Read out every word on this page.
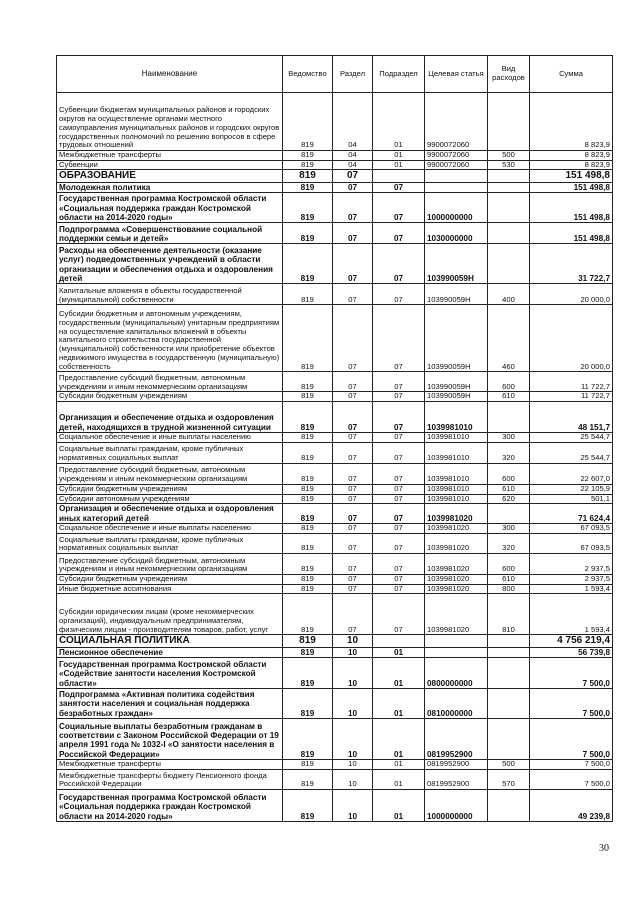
Наименование	Ведомство	Раздел	Подраздел	Целевая статья	Вид расходов	Сумма
Субвенции бюджетам муниципальных районов и городских округов на осуществление органами местного самоуправления муниципальных районов и городских округов государственных полномочий по решению вопросов в сфере трудовых отношений	819	04	01	9900072060		8 823,9
Межбюджетные трансферты	819	04	01	9900072060	500	8 823,9
Субвенции	819	04	01	9900072060	530	8 823,9
ОБРАЗОВАНИЕ	819	07				151 498,8
Молодежная политика	819	07	07			151 498,8
Государственная программа Костромской области «Социальная поддержка граждан Костромской области на 2014-2020 годы»	819	07	07	1000000000		151 498,8
Подпрограмма «Совершенствование социальной поддержки семьи и детей»	819	07	07	1030000000		151 498,8
Расходы на обеспечение деятельности (оказание услуг) подведомственных учреждений в области организации и обеспечения отдыха и оздоровления детей	819	07	07	103990059Н		31 722,7
Капитальные вложения в объекты государственной (муниципальной) собственности	819	07	07	103990059Н	400	20 000,0
Субсидии бюджетным и автономным учреждениям, государственным (муниципальным) унитарным предприятиям на осуществление капитальных вложений в объекты капитального строительства государственной (муниципальной) собственности или приобретение объектов недвижимого имущества в государственную (муниципальную) собственность	819	07	07	103990059Н	460	20 000,0
Предоставление субсидий бюджетным, автономным учреждениям и иным некоммерческим организациям	819	07	07	103990059Н	600	11 722,7
Субсидии бюджетным учреждениям	819	07	07	103990059Н	610	11 722,7
Организация и обеспечение отдыха и оздоровления детей, находящихся в трудной жизненной ситуации	819	07	07	1039981010		48 151,7
Социальное обеспечение и иные выплаты населению	819	07	07	1039981010	300	25 544,7
Социальные выплаты гражданам, кроме публичных нормативных социальных выплат	819	07	07	1039981010	320	25 544,7
Предоставление субсидий бюджетным, автономным учреждениям и иным некоммерческим организациям	819	07	07	1039981010	600	22 607,0
Субсидии бюджетным учреждениям	819	07	07	1039981010	610	22 105,9
Субсидии автономным учреждениям	819	07	07	1039981010	620	501,1
Организация и обеспечение отдыха и оздоровления иных категорий детей	819	07	07	1039981020		71 624,4
Социальное обеспечение и иные выплаты населению	819	07	07	1039981020	300	67 093,5
Социальные выплаты гражданам, кроме публичных нормативных социальных выплат	819	07	07	1039981020	320	67 093,5
Предоставление субсидий бюджетным, автономным учреждениям и иным некоммерческим организациям	819	07	07	1039981020	600	2 937,5
Субсидии бюджетным учреждениям	819	07	07	1039981020	610	2 937,5
Иные бюджетные ассигнования	819	07	07	1039981020	800	1 593,4
Субсидии юридическим лицам (кроме некоммерческих организаций), индивидуальным предпринимателям, физическим лицам - производителям товаров, работ, услуг	819	07	07	1039981020	810	1 593,4
СОЦИАЛЬНАЯ ПОЛИТИКА	819	10				4 756 219,4
Пенсионное обеспечение	819	10	01			56 739,8
Государственная программа Костромской области «Содействие занятости населения Костромской области»	819	10	01	0800000000		7 500,0
Подпрограмма «Активная политика содействия занятости населения и социальная поддержка безработных граждан»	819	10	01	0810000000		7 500,0
Социальные выплаты безработным гражданам в соответствии с Законом Российской Федерации от 19 апреля 1991 года № 1032-I «О занятости населения в Российской Федерации»	819	10	01	0819952900		7 500,0
Межбюджетные трансферты	819	10	01	0819952900	500	7 500,0
Межбюджетные трансферты бюджету Пенсионного фонда Российской Федерации	819	10	01	0819952900	570	7 500,0
Государственная программа Костромской области «Социальная поддержка граждан Костромской области на 2014-2020 годы»	819	10	01	1000000000		49 239,8
30
